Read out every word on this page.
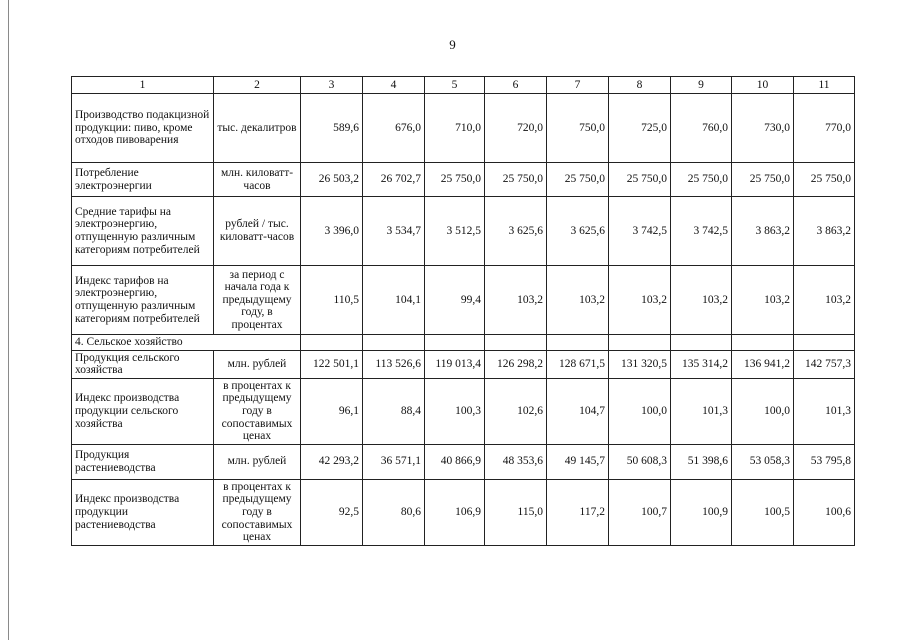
9
1	2	3	4	5	6	7	8	9	10	11
Производство подакцизной продукции: пиво, кроме отходов пивоварения	тыс. декалитров	589,6	676,0	710,0	720,0	750,0	725,0	760,0	730,0	770,0
Потребление электроэнергии	млн. киловатт-часов	26 503,2	26 702,7	25 750,0	25 750,0	25 750,0	25 750,0	25 750,0	25 750,0	25 750,0
Средние тарифы на электроэнергию, отпущенную различным категориям потребителей	рублей / тыс. киловатт-часов	3 396,0	3 534,7	3 512,5	3 625,6	3 625,6	3 742,5	3 742,5	3 863,2	3 863,2
Индекс тарифов на электроэнергию, отпущенную различным категориям потребителей	за период с начала года к предыдущему году, в процентах	110,5	104,1	99,4	103,2	103,2	103,2	103,2	103,2	103,2
4. Сельское хозяйство										
Продукция сельского хозяйства	млн. рублей	122 501,1	113 526,6	119 013,4	126 298,2	128 671,5	131 320,5	135 314,2	136 941,2	142 757,3
Индекс производства продукции сельского хозяйства	в процентах к предыдущему году в сопоставимых ценах	96,1	88,4	100,3	102,6	104,7	100,0	101,3	100,0	101,3
Продукция растениеводства	млн. рублей	42 293,2	36 571,1	40 866,9	48 353,6	49 145,7	50 608,3	51 398,6	53 058,3	53 795,8
Индекс производства продукции растениеводства	в процентах к предыдущему году в сопоставимых ценах	92,5	80,6	106,9	115,0	117,2	100,7	100,9	100,5	100,6
